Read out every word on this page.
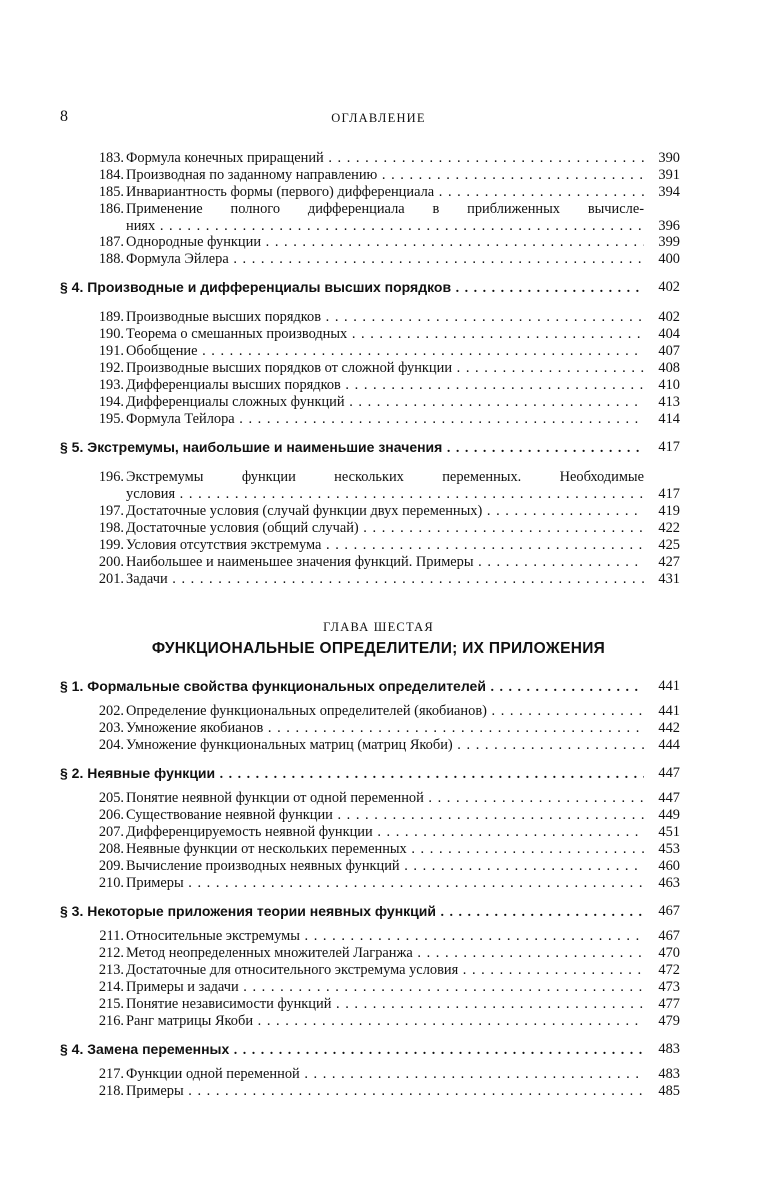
8	ОГЛАВЛЕНИЕ
183. Формула конечных приращений . . .	390
184. Производная по заданному направлению . . .	391
185. Инвариантность формы (первого) дифференциала . . .	394
186. Применение полного дифференциала в приближенных вычисле-
ниях . . .	396
187. Однородные функции . . .	399
188. Формула Эйлера . . .	400
§ 4. Производные и дифференциалы высших порядков . . .	402
189. Производные высших порядков . . .	402
190. Теорема о смешанных производных . . .	404
191. Обобщение . . .	407
192. Производные высших порядков от сложной функции . . .	408
193. Дифференциалы высших порядков . . .	410
194. Дифференциалы сложных функций . . .	413
195. Формула Тейлора . . .	414
§ 5. Экстремумы, наибольшие и наименьшие значения . . .	417
196. Экстремумы функции нескольких переменных. Необходимые
условия . . .	417
197. Достаточные условия (случай функции двух переменных) . . .	419
198. Достаточные условия (общий случай) . . .	422
199. Условия отсутствия экстремума . . .	425
200. Наибольшее и наименьшее значения функций. Примеры . . .	427
201. Задачи . . .	431
§ 1. Формальные свойства функциональных определителей . . .	441
202. Определение функциональных определителей (якобианов) . . .	441
203. Умножение якобианов . . .	442
204. Умножение функциональных матриц (матриц Якоби) . . .	444
§ 2. Неявные функции . . .	447
205. Понятие неявной функции от одной переменной . . .	447
206. Существование неявной функции . . .	449
207. Дифференцируемость неявной функции . . .	451
208. Неявные функции от нескольких переменных . . .	453
209. Вычисление производных неявных функций . . .	460
210. Примеры . . .	463
§ 3. Некоторые приложения теории неявных функций . . .	467
211. Относительные экстремумы . . .	467
212. Метод неопределенных множителей Лагранжа . . .	470
213. Достаточные для относительного экстремума условия . . .	472
214. Примеры и задачи . . .	473
215. Понятие независимости функций . . .	477
216. Ранг матрицы Якоби . . .	479
§ 4. Замена переменных . . .	483
217. Функции одной переменной . . .	483
218. Примеры . . .	485
ГЛАВА ШЕСТАЯ
ФУНКЦИОНАЛЬНЫЕ ОПРЕДЕЛИТЕЛИ; ИХ ПРИЛОЖЕНИЯ
